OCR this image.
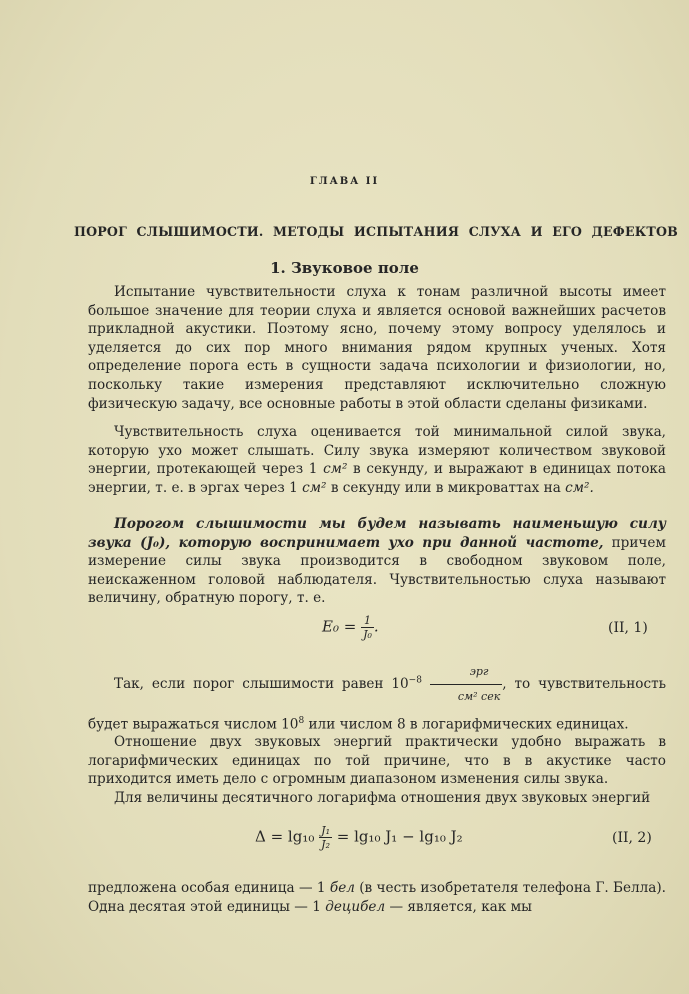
ГЛАВА II
ПОРОГ СЛЫШИМОСТИ. МЕТОДЫ ИСПЫТАНИЯ СЛУХА И ЕГО ДЕФЕКТОВ
1. Звуковое поле

Испытание чувствительности слуха к тонам различной высоты имеет большое значение для теории слуха и является основой важнейших расчетов прикладной акустики. Поэтому ясно, почему этому вопросу уделялось и уделяется до сих пор много внимания рядом крупных ученых. Хотя определение порога есть в сущности задача психологии и физиологии, но, поскольку такие измерения представляют исключительно сложную физическую задачу, все основные работы в этой области сделаны физиками.

Чувствительность слуха оценивается той минимальной силой звука, которую ухо может слышать. Силу звука измеряют количеством звуковой энергии, протекающей через 1 см² в секунду, и выражают в единицах потока энергии, т. е. в эргах через 1 см² в секунду или в микроваттах на см².

Порогом слышимости мы будем называть наименьшую силу звука (J₀), которую воспринимает ухо при данной частоте, причем измерение силы звука производится в свободном звуковом поле, неискаженном головой наблюдателя. Чувствительностью слуха называют величину, обратную порогу, т. е.

$E_0 = \frac{1}{\text{J₀}}$ .	(II, 1)

Так, если порог слышимости равен $10^{-8} \frac{\text{эрг}}{\text{см² сек}}$ , то чувствительность будет выражаться числом $10^8$ или числом 8 в логарифмических единицах.

Отношение двух звуковых энергий практически удобно выражать в логарифмических единицах по той причине, что в в акустике часто приходится иметь дело с огромным диапазоном изменения силы звука.

Для величины десятичного логарифма отношения двух звуковых энергий

$\Delta = \lg_{10} \frac{\text{J₁}}{\text{J₂}} = \lg_{10}$ J₁ − lg₁₀ J₂	(II, 2)

предложена особая единица — 1 бел (в честь изобретателя телефона Г. Белла). Одна десятая этой единицы — 1 децибел — является, как мы
